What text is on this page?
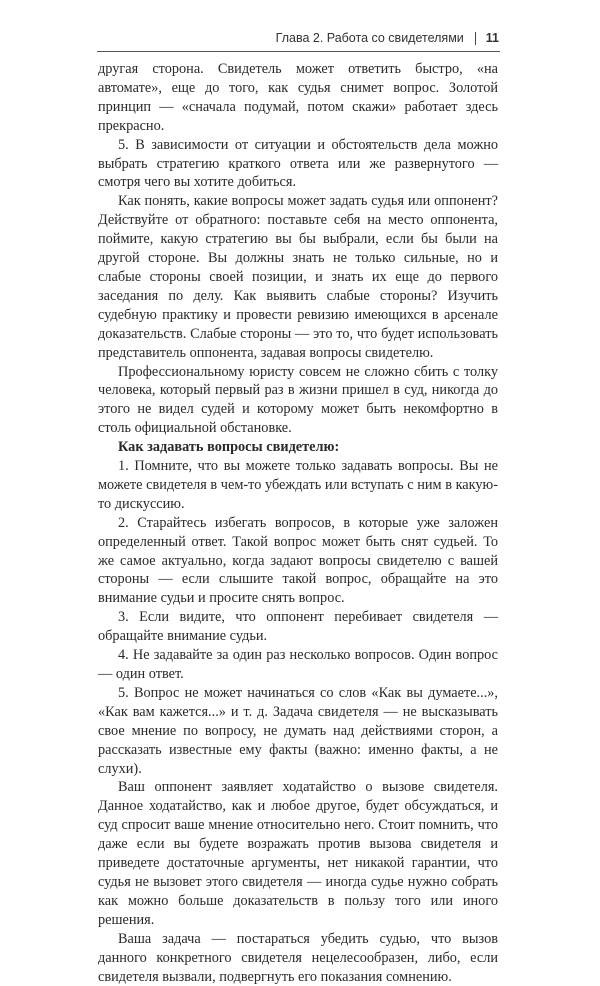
Глава 2. Работа со свидетелями 11

другая сторона. Свидетель может ответить быстро, «на автомате», еще до того, как судья снимет вопрос. Золотой принцип — «сначала подумай, потом скажи» работает здесь прекрасно.

5. В зависимости от ситуации и обстоятельств дела можно выбрать стратегию краткого ответа или же развернутого — смотря чего вы хотите добиться.

Как понять, какие вопросы может задать судья или оппонент? Действуйте от обратного: поставьте себя на место оппонента, поймите, какую стратегию вы бы выбрали, если бы были на другой стороне. Вы должны знать не только сильные, но и слабые стороны своей позиции, и знать их еще до первого заседания по делу. Как выявить слабые стороны? Изучить судебную практику и провести ревизию имеющихся в арсенале доказательств. Слабые стороны — это то, что будет использовать представитель оппонента, задавая вопросы свидетелю.

Профессиональному юристу совсем не сложно сбить с толку человека, который первый раз в жизни пришел в суд, никогда до этого не видел судей и которому может быть некомфортно в столь официальной обстановке.

Как задавать вопросы свидетелю:

1. Помните, что вы можете только задавать вопросы. Вы не можете свидетеля в чем-то убеждать или вступать с ним в какую-то дискуссию.

2. Старайтесь избегать вопросов, в которые уже заложен определенный ответ. Такой вопрос может быть снят судьей. То же самое актуально, когда задают вопросы свидетелю с вашей стороны — если слышите такой вопрос, обращайте на это внимание судьи и просите снять вопрос.

3. Если видите, что оппонент перебивает свидетеля — обращайте внимание судьи.

4. Не задавайте за один раз несколько вопросов. Один вопрос — один ответ.

5. Вопрос не может начинаться со слов «Как вы думаете...», «Как вам кажется...» и т. д. Задача свидетеля — не высказывать свое мнение по вопросу, не думать над действиями сторон, а рассказать известные ему факты (важно: именно факты, а не слухи).

Ваш оппонент заявляет ходатайство о вызове свидетеля. Данное ходатайство, как и любое другое, будет обсуждаться, и суд спросит ваше мнение относительно него. Стоит помнить, что даже если вы будете возражать против вызова свидетеля и приведете достаточные аргументы, нет никакой гарантии, что судья не вызовет этого свидетеля — иногда судье нужно собрать как можно больше доказательств в пользу того или иного решения.

Ваша задача — постараться убедить судью, что вызов данного конкретного свидетеля нецелесообразен, либо, если свидетеля вызвали, подвергнуть его показания сомнению.
